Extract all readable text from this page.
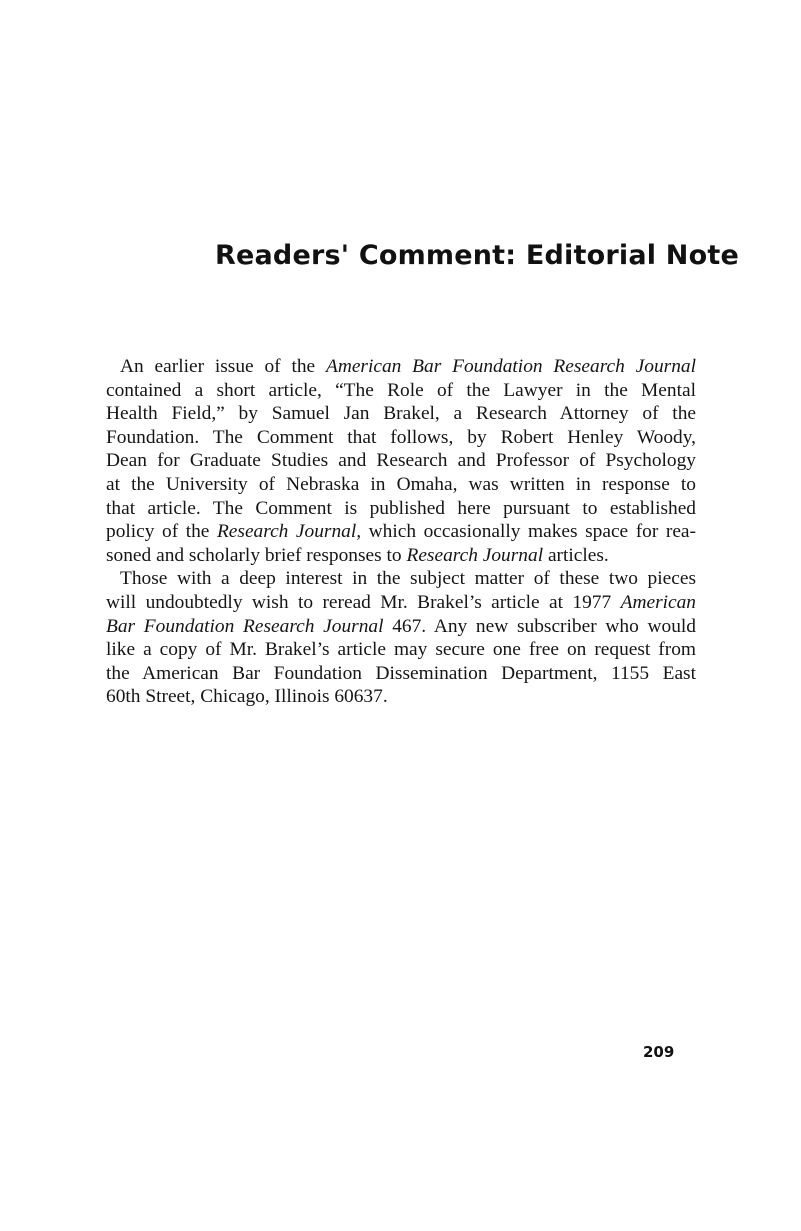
Readers' Comment: Editorial Note
An earlier issue of the American Bar Foundation Research Journal
contained a short article, “The Role of the Lawyer in the Mental
Health Field,” by Samuel Jan Brakel, a Research Attorney of the
Foundation. The Comment that follows, by Robert Henley Woody,
Dean for Graduate Studies and Research and Professor of Psychology
at the University of Nebraska in Omaha, was written in response to
that article. The Comment is published here pursuant to established
policy of the Research Journal, which occasionally makes space for rea-
soned and scholarly brief responses to Research Journal articles.
Those with a deep interest in the subject matter of these two pieces
will undoubtedly wish to reread Mr. Brakel’s article at 1977 American
Bar Foundation Research Journal 467. Any new subscriber who would
like a copy of Mr. Brakel’s article may secure one free on request from
the American Bar Foundation Dissemination Department, 1155 East
60th Street, Chicago, Illinois 60637.
209
